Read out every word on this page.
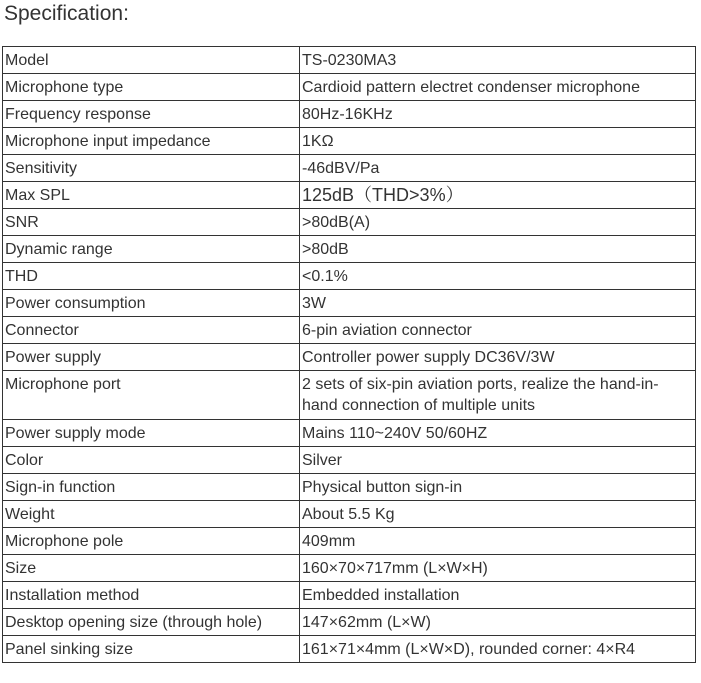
Specification:
Model	TS-0230MA3
Microphone type	Cardioid pattern electret condenser microphone
Frequency response	80Hz-16KHz
Microphone input impedance	1KΩ
Sensitivity	-46dBV/Pa
Max SPL	125dB（THD>3%）
SNR	>80dB(A)
Dynamic range	>80dB
THD	<0.1%
Power consumption	3W
Connector	6-pin aviation connector
Power supply	Controller power supply DC36V/3W
Microphone port	2 sets of six-pin aviation ports, realize the hand-in-hand connection of multiple units
Power supply mode	Mains 110~240V 50/60HZ
Color	Silver
Sign-in function	Physical button sign-in
Weight	About 5.5 Kg
Microphone pole	409mm
Size	160×70×717mm (L×W×H)
Installation method	Embedded installation
Desktop opening size (through hole)	147×62mm (L×W)
Panel sinking size	161×71×4mm (L×W×D), rounded corner: 4×R4
